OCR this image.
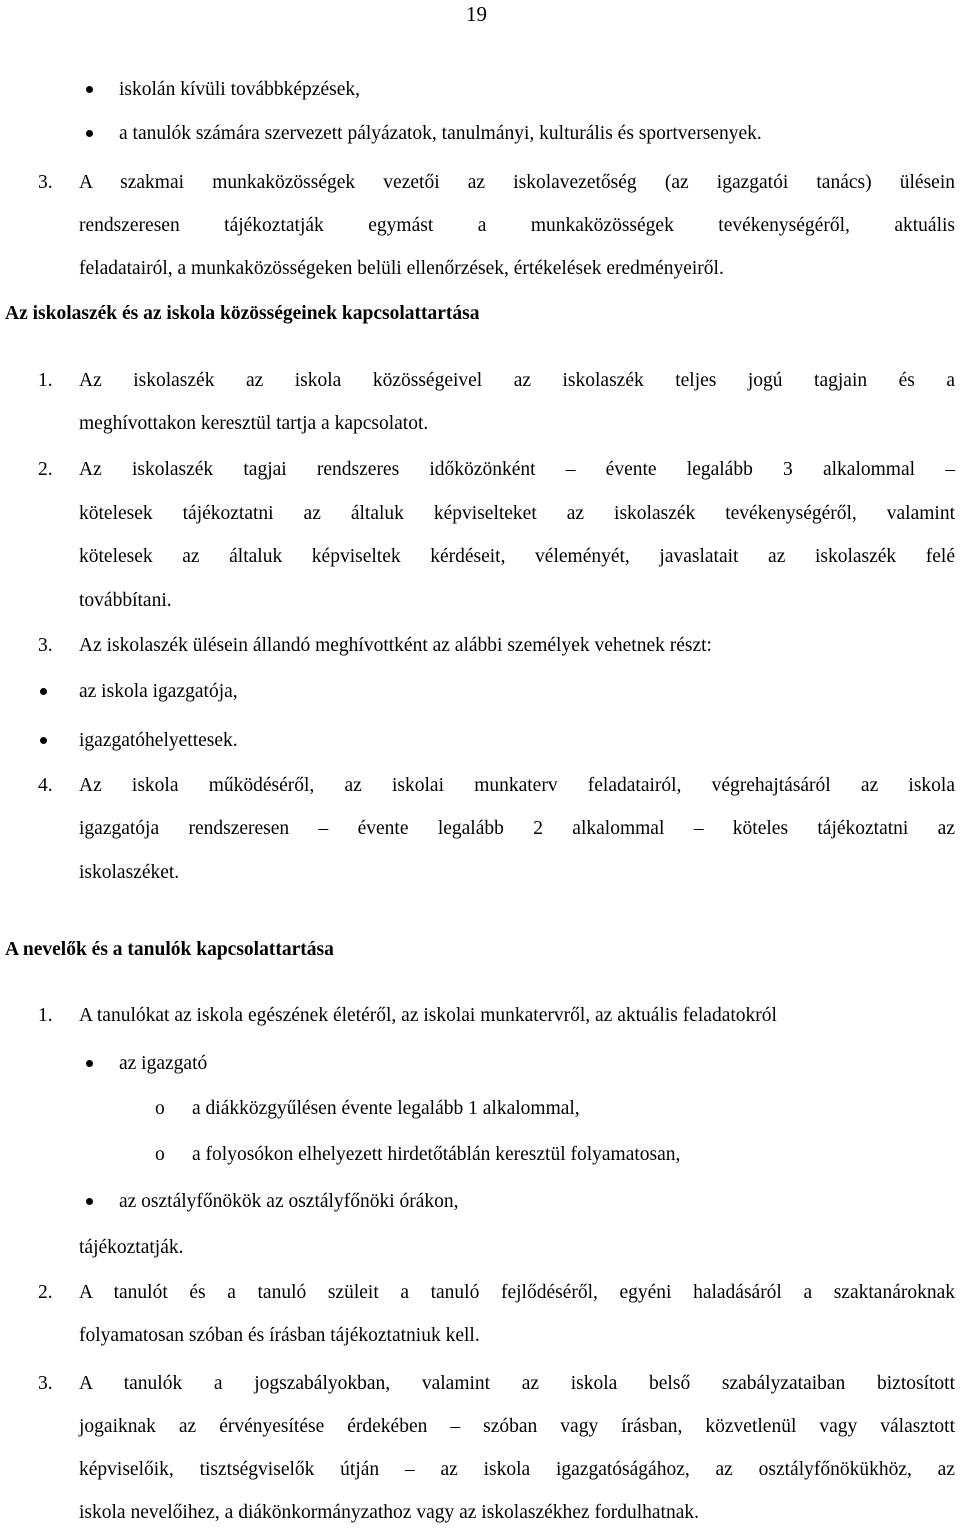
19
iskolán kívüli továbbképzések,
a tanulók számára szervezett pályázatok, tanulmányi, kulturális és sportversenyek.
3. A szakmai munkaközösségek vezetői az iskolavezetőség (az igazgatói tanács) ülésein
rendszeresen tájékoztatják egymást a munkaközösségek tevékenységéről, aktuális
feladatairól, a munkaközösségeken belüli ellenőrzések, értékelések eredményeiről.
Az iskolaszék és az iskola közösségeinek kapcsolattartása
1. Az iskolaszék az iskola közösségeivel az iskolaszék teljes jogú tagjain és a
meghívottakon keresztül tartja a kapcsolatot.
2. Az iskolaszék tagjai rendszeres időközönként – évente legalább 3 alkalommal –
kötelesek tájékoztatni az általuk képviselteket az iskolaszék tevékenységéről, valamint
kötelesek az általuk képviseltek kérdéseit, véleményét, javaslatait az iskolaszék felé
továbbítani.
3. Az iskolaszék ülésein állandó meghívottként az alábbi személyek vehetnek részt:
az iskola igazgatója,
igazgatóhelyettesek.
4. Az iskola működéséről, az iskolai munkaterv feladatairól, végrehajtásáról az iskola
igazgatója rendszeresen – évente legalább 2 alkalommal – köteles tájékoztatni az
iskolaszéket.
A nevelők és a tanulók kapcsolattartása
1. A tanulókat az iskola egészének életéről, az iskolai munkatervről, az aktuális feladatokról
az igazgató
o a diákközgyűlésen évente legalább 1 alkalommal,
o a folyosókon elhelyezett hirdetőtáblán keresztül folyamatosan,
az osztályfőnökök az osztályfőnöki órákon,
tájékoztatják.
2. A tanulót és a tanuló szüleit a tanuló fejlődéséről, egyéni haladásáról a szaktanároknak
folyamatosan szóban és írásban tájékoztatniuk kell.
3. A tanulók a jogszabályokban, valamint az iskola belső szabályzataiban biztosított
jogaiknak az érvényesítése érdekében – szóban vagy írásban, közvetlenül vagy választott
képviselőik, tisztségviselők útján – az iskola igazgatóságához, az osztályfőnökükhöz, az
iskola nevelőihez, a diákönkormányzathoz vagy az iskolaszékhez fordulhatnak.
